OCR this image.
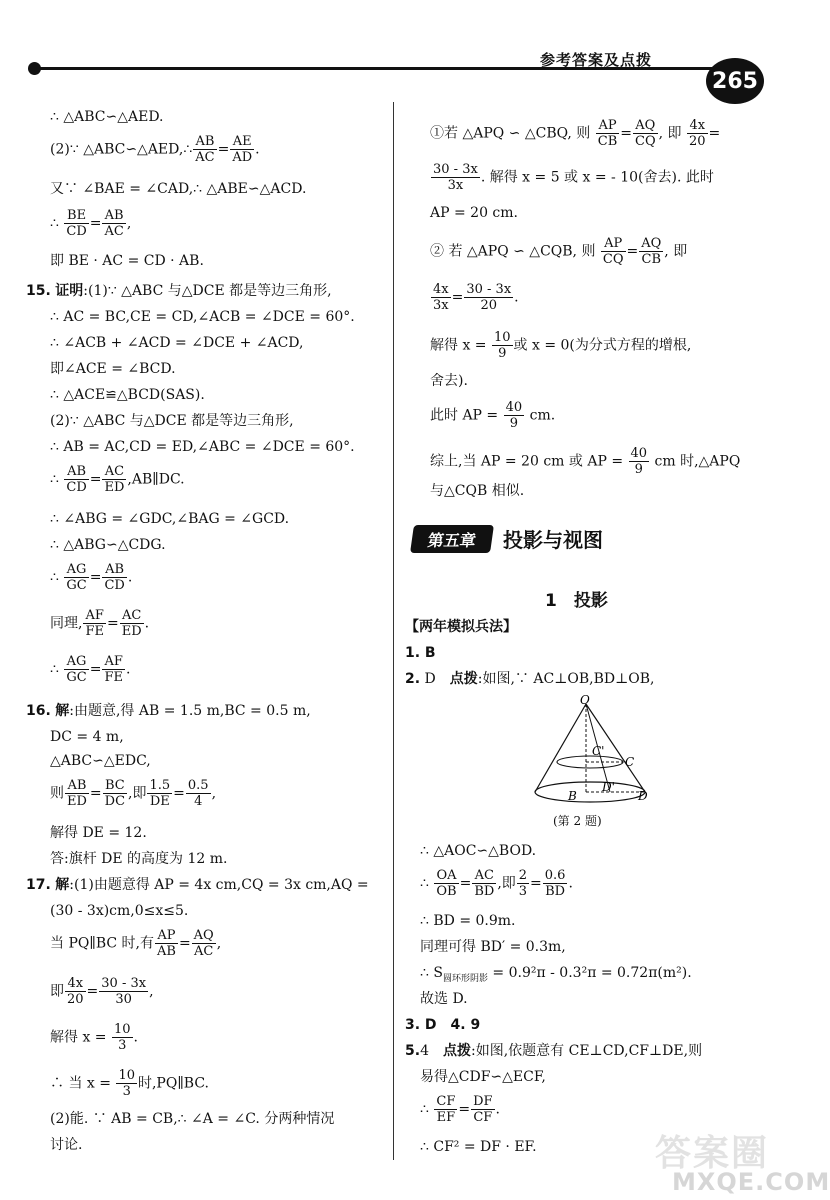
参考答案及点拨
265
∴ △ABC∽△AED.
(2)∵ △ABC∽△AED,∴ $\frac{AB}{AC} = \frac{AE}{AD}$ .
又∵ ∠BAE = ∠CAD,∴ △ABE∽△ACD.
∴ $\frac{BE}{CD} = \frac{AB}{AC}$ ,
即 BE · AC = CD · AB.
15. 证明:(1)∵ △ABC 与△DCE 都是等边三角形,
∴ AC = BC,CE = CD,∠ACB = ∠DCE = 60°.
∴ ∠ACB + ∠ACD = ∠DCE + ∠ACD,
即∠ACE = ∠BCD.
∴ △ACE≌△BCD(SAS).
(2)∵ △ABC 与△DCE 都是等边三角形,
∴ AB = AC,CD = ED,∠ABC = ∠DCE = 60°.
∴ $\frac{AB}{CD} = \frac{AC}{ED}$ ,AB∥DC.
∴ ∠ABG = ∠GDC,∠BAG = ∠GCD.
∴ △ABG∽△CDG.
∴ $\frac{AG}{GC} = \frac{AB}{CD}$ .
同理, $\frac{AF}{FE} = \frac{AC}{ED}$ .
∴ $\frac{AG}{GC} = \frac{AF}{FE}$ .
16. 解:由题意,得 AB = 1.5 m,BC = 0.5 m,
DC = 4 m,
△ABC∽△EDC,
则 $\frac{AB}{ED} = \frac{BC}{DC}$ ,即 $\frac{1.5}{DE} = \frac{0.5}{4}$ ,
解得 DE = 12.
答:旗杆 DE 的高度为 12 m.
17. 解:(1)由题意得 AP = 4x cm,CQ = 3x cm,AQ =
(30 - 3x)cm,0≤x≤5.
当 PQ∥BC 时,有 $\frac{AP}{AB} = \frac{AQ}{AC}$ ,
即 $\frac{4x}{20} = \frac{30 - 3x}{30}$ ,
解得 $x = \frac{10}{3}$ .
∴ 当 $x = \frac{10}{3}$ 时,PQ∥BC.
(2)能. ∵ AB = CB,∴ ∠A = ∠C. 分两种情况
讨论.
①若 △APQ ∽ △CBQ, 则 $\frac{AP}{CB} = \frac{AQ}{CQ}$ , 即 $\frac{4x}{20}$ =
$\frac{30 - 3x}{3x}$ . 解得 x = 5 或 x = - 10(舍去). 此时
AP = 20 cm.
② 若 △APQ ∽ △CQB, 则 $\frac{AP}{CQ} = \frac{AQ}{CB}$ , 即
$\frac{4x}{3x} = \frac{30 - 3x}{20}$ .
解得 $x = \frac{10}{9}$ 或 x = 0(为分式方程的增根,
舍去).
此时 AP = $\frac{40}{9}$ cm.
综上,当 AP = 20 cm 或 AP = $\frac{40}{9}$ cm 时,△APQ
与△CQB 相似.
第五章	投影与视图
1　投影
【两年模拟兵法】
1. B
2. D　 点拨:如图,∵ AC⊥OB,BD⊥OB,
O
C'
C
B
D'
D
(第 2 题)
∴ △AOC∽△BOD.
∴ $\frac{OA}{OB} = \frac{AC}{BD}$ ,即 $\frac{2}{3} = \frac{0.6}{BD}$ .
∴ BD = 0.9m.
同理可得 BD′ = 0.3m,
∴ $S_{圆环形阴影} = 0.9^2\pi - 0.3^2\pi = 0.72\pi(m^2)$.
故选 D.
3. D　4. 9
5.4　 点拨:如图,依题意有 CE⊥CD,CF⊥DE,则
易得△CDF∽△ECF,
∴ $\frac{CF}{EF} = \frac{DF}{CF}$ .
∴ CF² = DF · EF.	答案圈
MXQE.COM
